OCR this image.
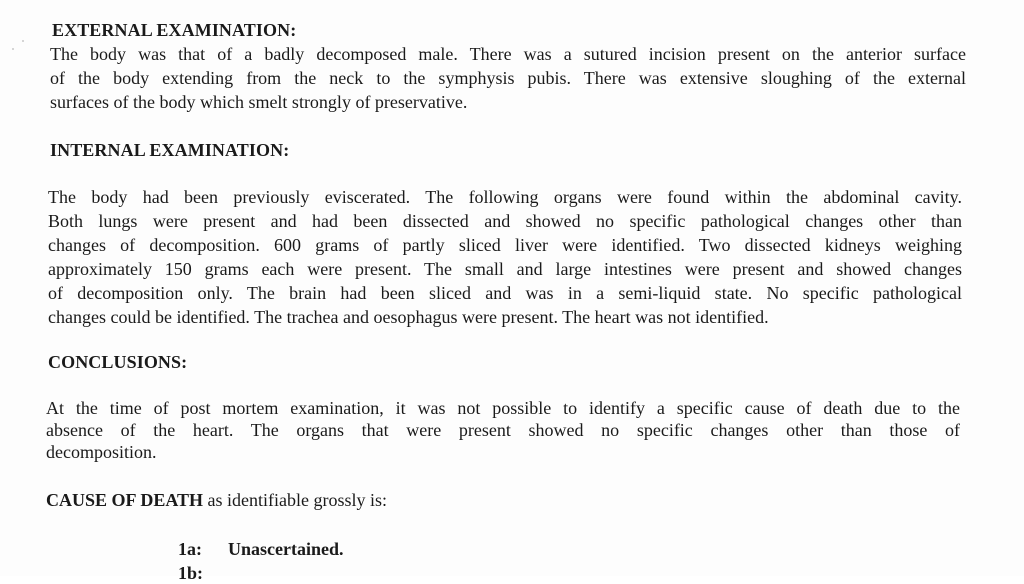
EXTERNAL EXAMINATION:
The body was that of a badly decomposed male. There was a sutured incision present on the anterior surface
of the body extending from the neck to the symphysis pubis. There was extensive sloughing of the external
surfaces of the body which smelt strongly of preservative.
INTERNAL EXAMINATION:
The body had been previously eviscerated. The following organs were found within the abdominal cavity.
Both lungs were present and had been dissected and showed no specific pathological changes other than
changes of decomposition. 600 grams of partly sliced liver were identified. Two dissected kidneys weighing
approximately 150 grams each were present. The small and large intestines were present and showed changes
of decomposition only. The brain had been sliced and was in a semi-liquid state. No specific pathological
changes could be identified. The trachea and oesophagus were present. The heart was not identified.
CONCLUSIONS:
At the time of post mortem examination, it was not possible to identify a specific cause of death due to the
absence of the heart. The organs that were present showed no specific changes other than those of
decomposition.
CAUSE OF DEATH as identifiable grossly is:
1a: Unascertained.
1b:
